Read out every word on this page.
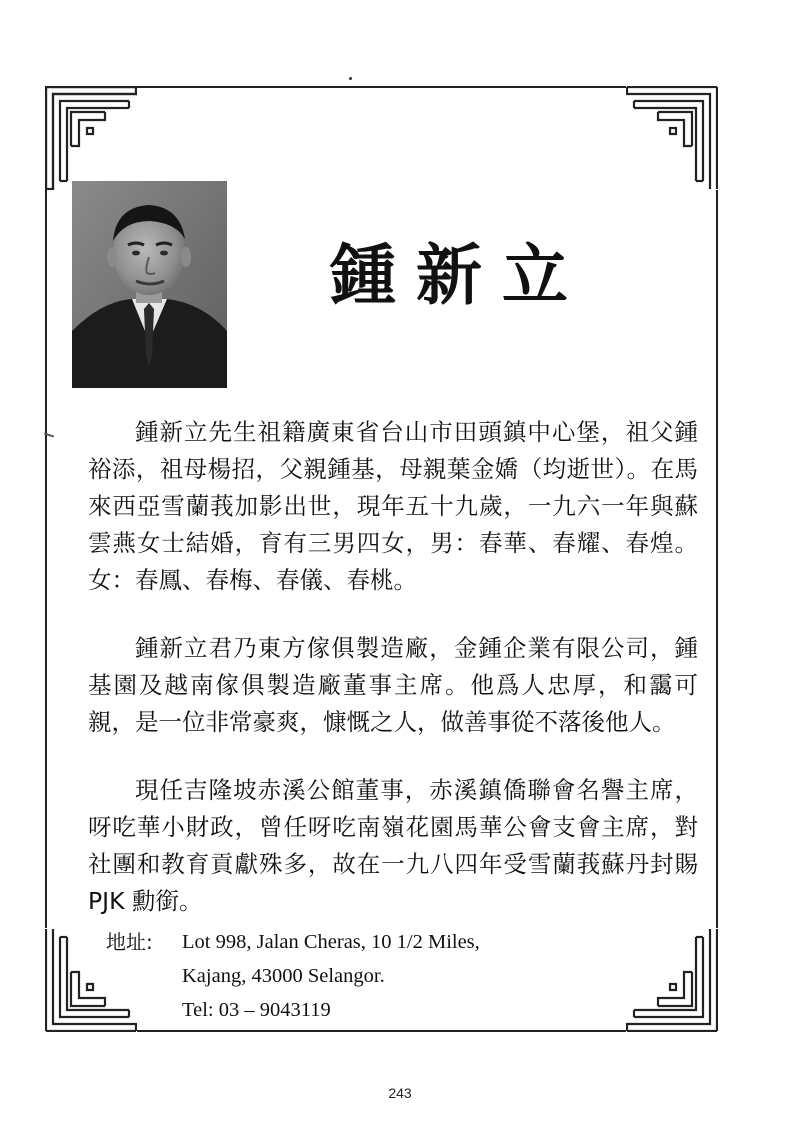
鍾新立

鍾新立先生祖籍廣東省台山市田頭鎮中心堡，祖父鍾裕添，祖母楊招，父親鍾基，母親葉金嬌（均逝世）。在馬來西亞雪蘭莪加影出世，現年五十九歲，一九六一年與蘇雲燕女士結婚，育有三男四女，男：春華、春耀、春煌。女：春鳳、春梅、春儀、春桃。

鍾新立君乃東方傢俱製造廠，金鍾企業有限公司，鍾基園及越南傢俱製造廠董事主席。他爲人忠厚，和靄可親，是一位非常豪爽，慷慨之人，做善事從不落後他人。

現任吉隆坡赤溪公館董事，赤溪鎮僑聯會名譽主席，呀吃華小財政，曾任呀吃南嶺花園馬華公會支會主席，對社團和教育貢獻殊多，故在一九八四年受雪蘭莪蘇丹封賜 PJK 勳銜。

地址:	Lot 998, Jalan Cheras, 10 1/2 Miles,
Kajang, 43000 Selangor.
Tel: 03 – 9043119
243
